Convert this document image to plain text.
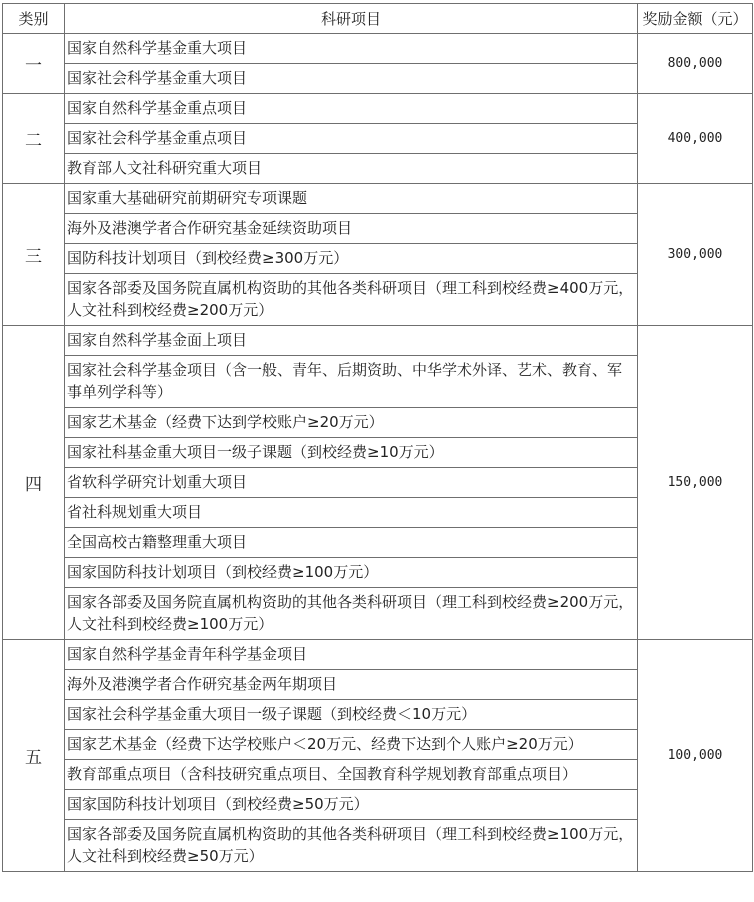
类别	科研项目	奖励金额（元）
一	国家自然科学基金重大项目	800,000
	国家社会科学基金重大项目	
二	国家自然科学基金重点项目	400,000
	国家社会科学基金重点项目	
	教育部人文社科研究重大项目	
三	国家重大基础研究前期研究专项课题	300,000
	海外及港澳学者合作研究基金延续资助项目	
	国防科技计划项目（到校经费≥300万元）	
	国家各部委及国务院直属机构资助的其他各类科研项目（理工科到校经费≥400万元，人文社科到校经费≥200万元）	
四	国家自然科学基金面上项目	150,000
	国家社会科学基金项目（含一般、青年、后期资助、中华学术外译、艺术、教育、军事单列学科等）	
	国家艺术基金（经费下达到学校账户≥20万元）	
	国家社科基金重大项目一级子课题（到校经费≥10万元）	
	省软科学研究计划重大项目	
	省社科规划重大项目	
	全国高校古籍整理重大项目	
	国家国防科技计划项目（到校经费≥100万元）	
	国家各部委及国务院直属机构资助的其他各类科研项目（理工科到校经费≥200万元，人文社科到校经费≥100万元）	
五	国家自然科学基金青年科学基金项目	100,000
	海外及港澳学者合作研究基金两年期项目	
	国家社会科学基金重大项目一级子课题（到校经费＜10万元）	
	国家艺术基金（经费下达学校账户＜20万元、经费下达到个人账户≥20万元）	
	教育部重点项目（含科技研究重点项目、全国教育科学规划教育部重点项目）	
	国家国防科技计划项目（到校经费≥50万元）	
	国家各部委及国务院直属机构资助的其他各类科研项目（理工科到校经费≥100万元，人文社科到校经费≥50万元）	
